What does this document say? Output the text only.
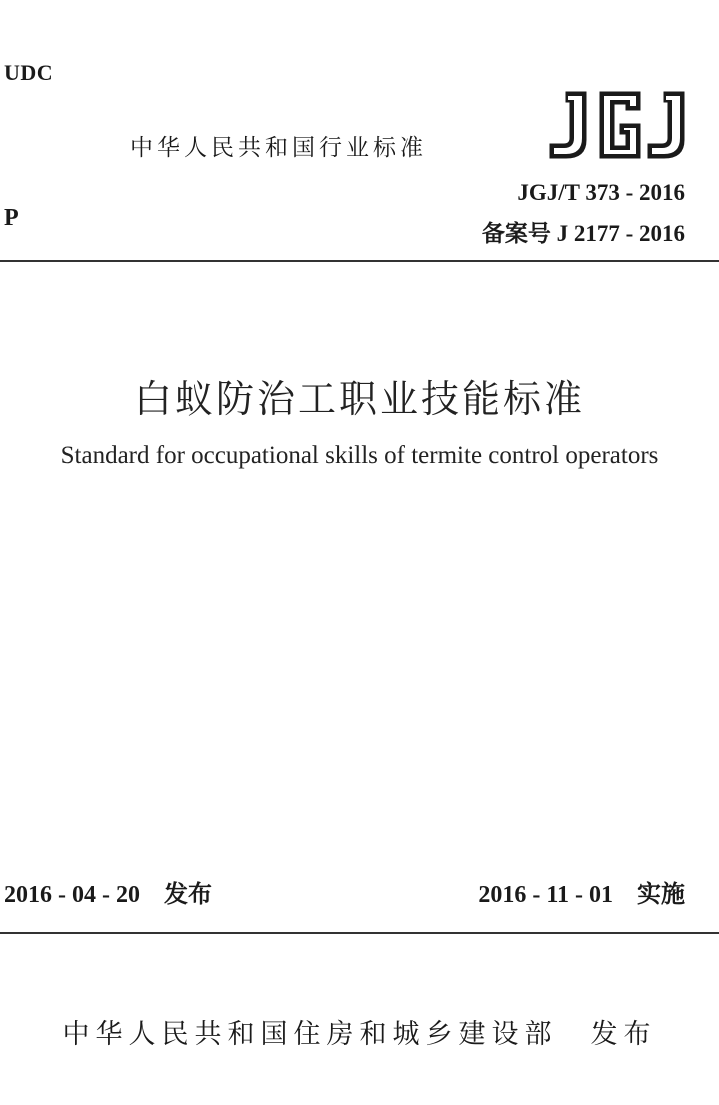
UDC
中华人民共和国行业标准
P
JGJ/T 373 - 2016
备案号 J 2177 - 2016
白蚁防治工职业技能标准
Standard for occupational skills of termite control operators
2016 - 04 - 20　发布	2016 - 11 - 01　实施
中华人民共和国住房和城乡建设部　发布
